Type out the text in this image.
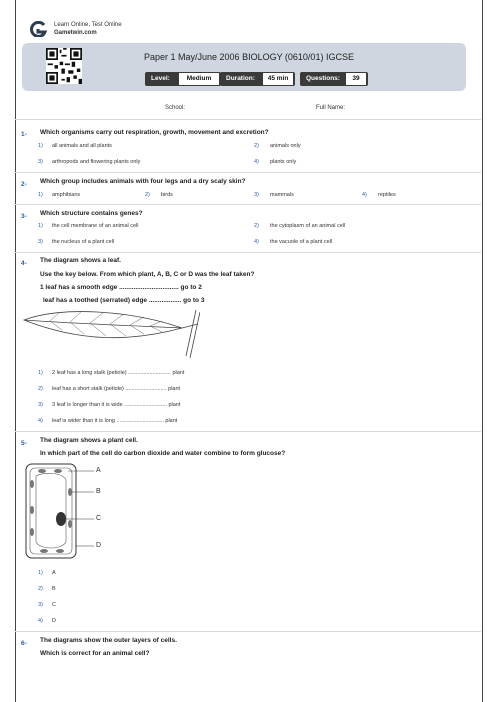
Learn Online, Test Online
Gametwin.com
Paper 1 May/June 2006 BIOLOGY (0610/01) IGCSE
Level:	Medium	Duration:	45 min	Questions:	39
School:	Full Name:
1- Which organisms carry out respiration, growth, movement and excretion?
1) all animals and all plants	2) animals only
3) arthropods and flowering plants only	4) plants only
2- Which group includes animals with four legs and a dry scaly skin?
1) amphibians	2) birds	3) mammals	4) reptiles
3- Which structure contains genes?
1) the cell membrane of an animal cell	2) the cytoplasm of an animal cell
3) the nucleus of a plant cell	4) the vacuole of a plant cell
4- The diagram shows a leaf.
Use the key below. From which plant, A, B, C or D was the leaf taken?
1 leaf has a smooth edge ................................. go to 2
leaf has a toothed (serrated) edge .................. go to 3
1) 2 leaf has a long stalk (petiole) ............................ plant
2) leaf has a short stalk (petiole) ........................... plant
3) 3 leaf is longer than it is wide ............................ plant
4) leaf is wider than it is long ............................... plant
5- The diagram shows a plant cell.
In which part of the cell do carbon dioxide and water combine to form glucose?
A
B
C
D
1) A
2) B
3) C
4) D
6- The diagrams show the outer layers of cells.
Which is correct for an animal cell?
